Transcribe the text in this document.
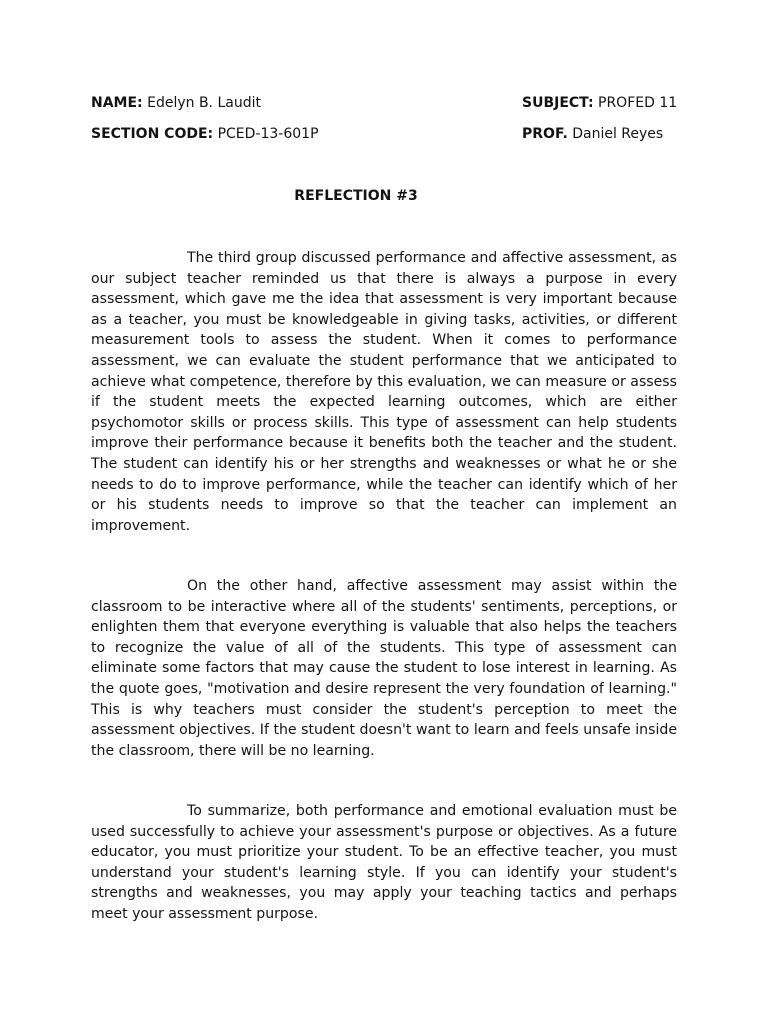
NAME: Edelyn B. Laudit	SUBJECT: PROFED 11
SECTION CODE: PCED-13-601P	PROF. Daniel Reyes
REFLECTION #3

The third group discussed performance and affective assessment, as our subject teacher reminded us that there is always a purpose in every assessment, which gave me the idea that assessment is very important because as a teacher, you must be knowledgeable in giving tasks, activities, or different measurement tools to assess the student. When it comes to performance assessment, we can evaluate the student performance that we anticipated to achieve what competence, therefore by this evaluation, we can measure or assess if the student meets the expected learning outcomes, which are either psychomotor skills or process skills. This type of assessment can help students improve their performance because it benefits both the teacher and the student. The student can identify his or her strengths and weaknesses or what he or she needs to do to improve performance, while the teacher can identify which of her or his students needs to improve so that the teacher can implement an improvement.

On the other hand, affective assessment may assist within the classroom to be interactive where all of the students' sentiments, perceptions, or enlighten them that everyone everything is valuable that also helps the teachers to recognize the value of all of the students. This type of assessment can eliminate some factors that may cause the student to lose interest in learning. As the quote goes, "motivation and desire represent the very foundation of learning." This is why teachers must consider the student's perception to meet the assessment objectives. If the student doesn't want to learn and feels unsafe inside the classroom, there will be no learning.

To summarize, both performance and emotional evaluation must be used successfully to achieve your assessment's purpose or objectives. As a future educator, you must prioritize your student. To be an effective teacher, you must understand your student's learning style. If you can identify your student's strengths and weaknesses, you may apply your teaching tactics and perhaps meet your assessment purpose.
